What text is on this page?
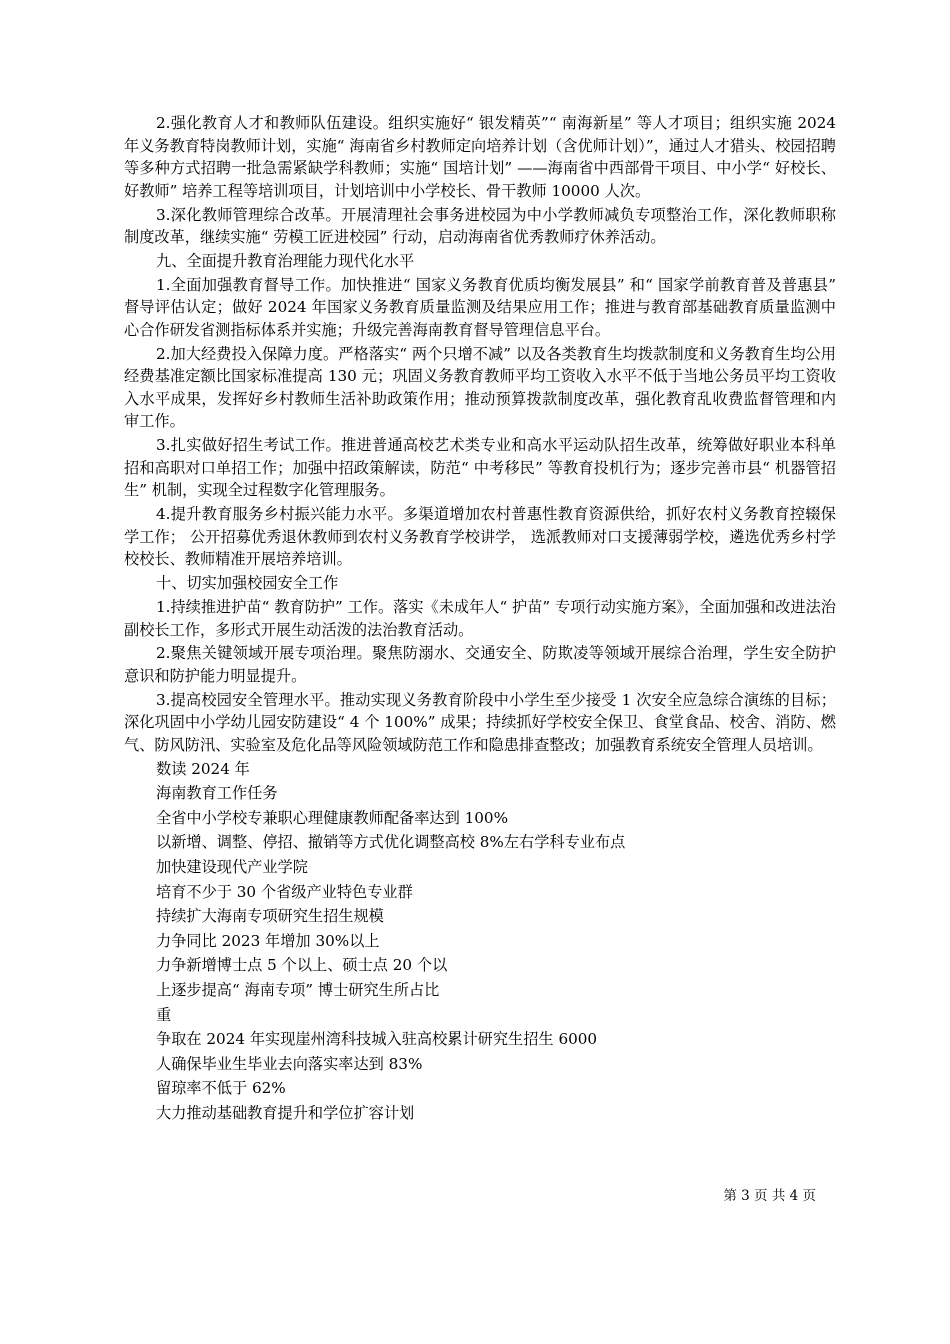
2.强化教育人才和教师队伍建设。组织实施好“ 银发精英”“ 南海新星” 等人才项目；组织实施 2024 年义务教育特岗教师计划，实施“ 海南省乡村教师定向培养计划（含优师计划）”，通过人才猎头、校园招聘等多种方式招聘一批急需紧缺学科教师；实施“ 国培计划” ——海南省中西部骨干项目、中小学“ 好校长、好教师” 培养工程等培训项目，计划培训中小学校长、骨干教师 10000 人次。

3.深化教师管理综合改革。开展清理社会事务进校园为中小学教师减负专项整治工作，深化教师职称制度改革，继续实施“ 劳模工匠进校园” 行动，启动海南省优秀教师疗休养活动。

九、全面提升教育治理能力现代化水平

1.全面加强教育督导工作。加快推进“ 国家义务教育优质均衡发展县” 和“ 国家学前教育普及普惠县” 督导评估认定；做好 2024 年国家义务教育质量监测及结果应用工作；推进与教育部基础教育质量监测中心合作研发省测指标体系并实施；升级完善海南教育督导管理信息平台。

2.加大经费投入保障力度。严格落实“ 两个只增不减” 以及各类教育生均拨款制度和义务教育生均公用经费基准定额比国家标准提高 130 元；巩固义务教育教师平均工资收入水平不低于当地公务员平均工资收入水平成果，发挥好乡村教师生活补助政策作用；推动预算拨款制度改革，强化教育乱收费监督管理和内审工作。

3.扎实做好招生考试工作。推进普通高校艺术类专业和高水平运动队招生改革，统筹做好职业本科单招和高职对口单招工作；加强中招政策解读，防范“ 中考移民” 等教育投机行为；逐步完善市县“ 机器管招生” 机制，实现全过程数字化管理服务。

4.提升教育服务乡村振兴能力水平。多渠道增加农村普惠性教育资源供给，抓好农村义务教育控辍保学工作； 公开招募优秀退休教师到农村义务教育学校讲学， 选派教师对口支援薄弱学校，遴选优秀乡村学校校长、教师精准开展培养培训。

十、切实加强校园安全工作

1.持续推进护苗“ 教育防护” 工作。落实《未成年人“ 护苗” 专项行动实施方案》，全面加强和改进法治副校长工作，多形式开展生动活泼的法治教育活动。

2.聚焦关键领域开展专项治理。聚焦防溺水、交通安全、防欺凌等领域开展综合治理，学生安全防护意识和防护能力明显提升。

3.提高校园安全管理水平。推动实现义务教育阶段中小学生至少接受 1 次安全应急综合演练的目标；深化巩固中小学幼儿园安防建设“ 4 个 100%” 成果；持续抓好学校安全保卫、食堂食品、校舍、消防、燃气、防风防汛、实验室及危化品等风险领域防范工作和隐患排查整改；加强教育系统安全管理人员培训。

数读 2024 年
海南教育工作任务
全省中小学校专兼职心理健康教师配备率达到 100%
以新增、调整、停招、撤销等方式优化调整高校 8%左右学科专业布点
加快建设现代产业学院
培育不少于 30 个省级产业特色专业群
持续扩大海南专项研究生招生规模
力争同比 2023 年增加 30%以上
力争新增博士点 5 个以上、硕士点 20 个以
上逐步提高“ 海南专项” 博士研究生所占比
重
争取在 2024 年实现崖州湾科技城入驻高校累计研究生招生 6000
人确保毕业生毕业去向落实率达到 83%
留琼率不低于 62%
大力推动基础教育提升和学位扩容计划
第 3 页 共 4 页
